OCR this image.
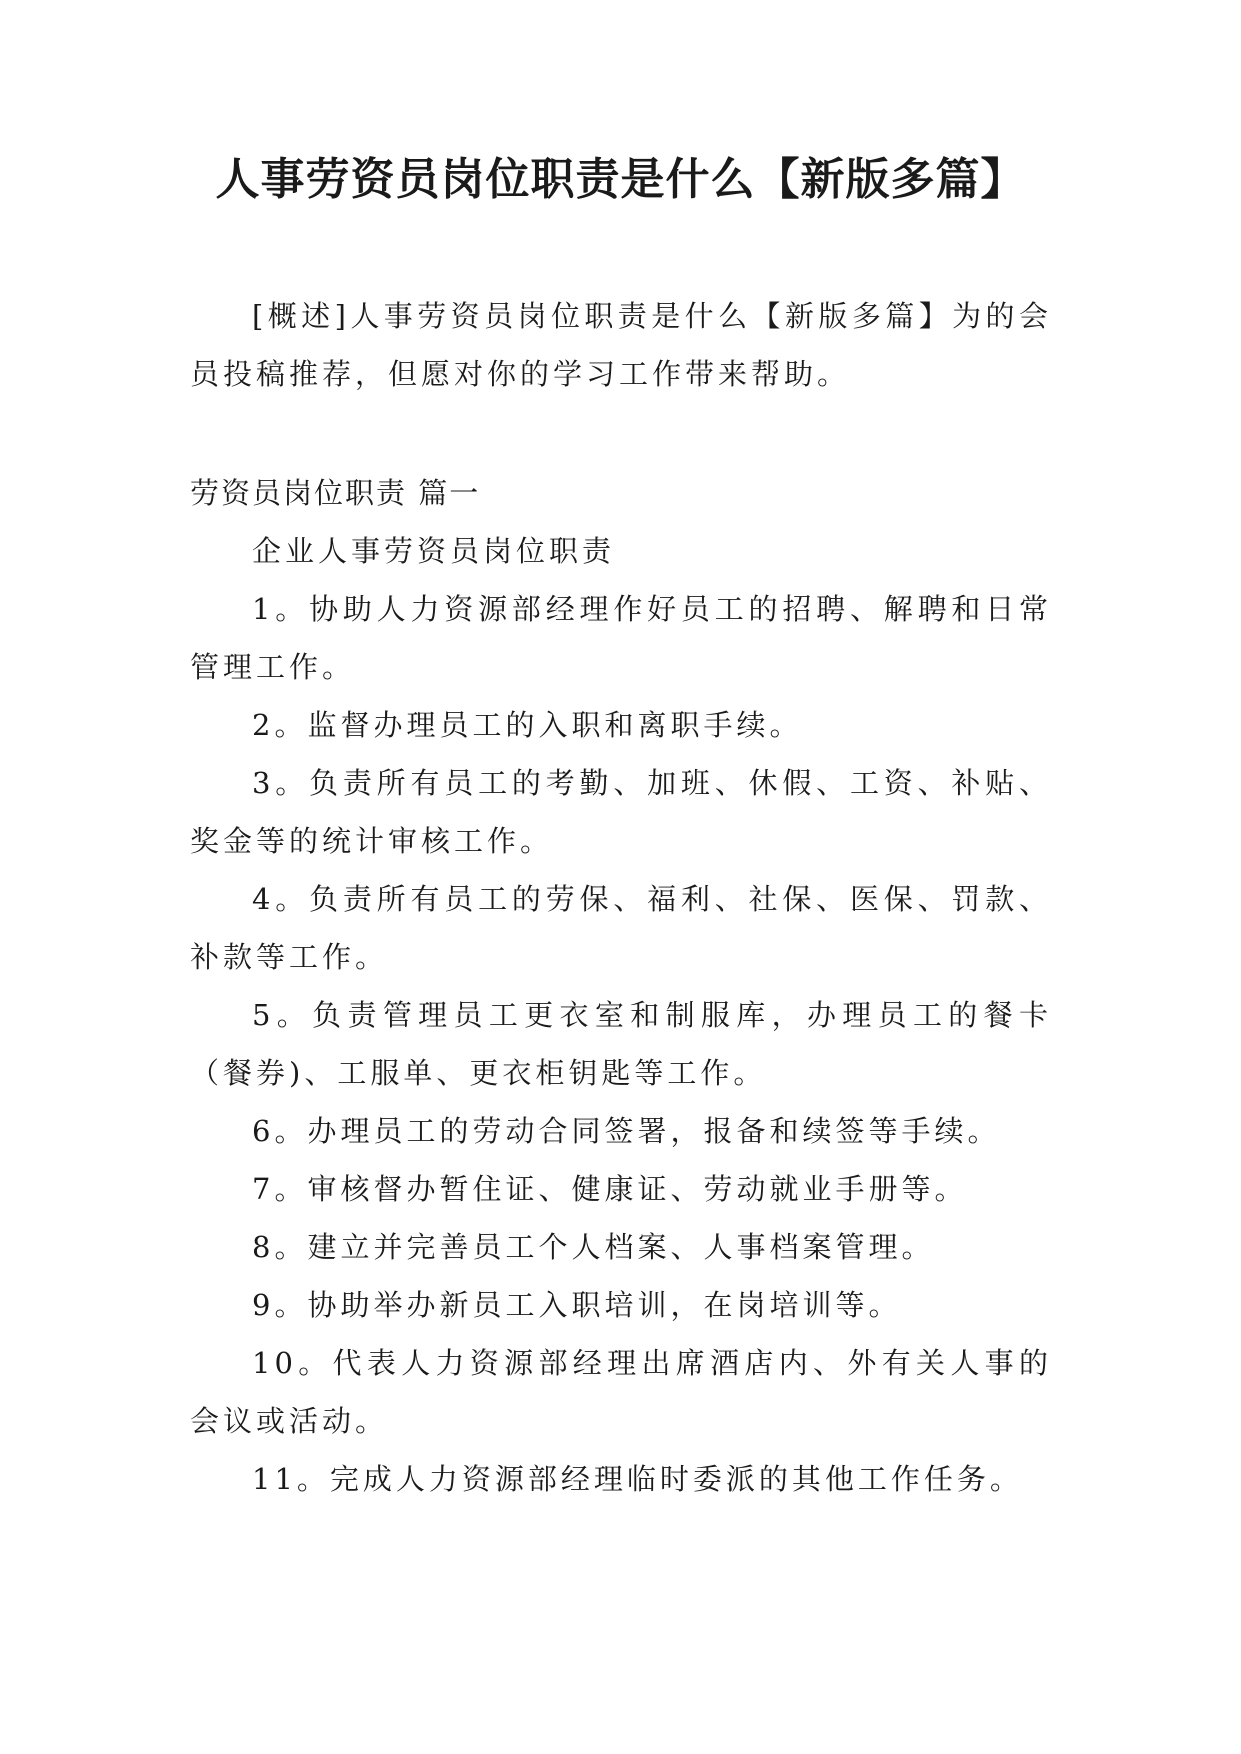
人事劳资员岗位职责是什么【新版多篇】

[概述]人事劳资员岗位职责是什么【新版多篇】为的会员投稿推荐，但愿对你的学习工作带来帮助。

劳资员岗位职责 篇一

企业人事劳资员岗位职责
1。协助人力资源部经理作好员工的招聘、解聘和日常管理工作。
2。监督办理员工的入职和离职手续。
3。负责所有员工的考勤、加班、休假、工资、补贴、奖金等的统计审核工作。
4。负责所有员工的劳保、福利、社保、医保、罚款、补款等工作。
5。负责管理员工更衣室和制服库，办理员工的餐卡（餐券)、工服单、更衣柜钥匙等工作。
6。办理员工的劳动合同签署，报备和续签等手续。
7。审核督办暂住证、健康证、劳动就业手册等。
8。建立并完善员工个人档案、人事档案管理。
9。协助举办新员工入职培训，在岗培训等。
10。代表人力资源部经理出席酒店内、外有关人事的会议或活动。
11。完成人力资源部经理临时委派的其他工作任务。
